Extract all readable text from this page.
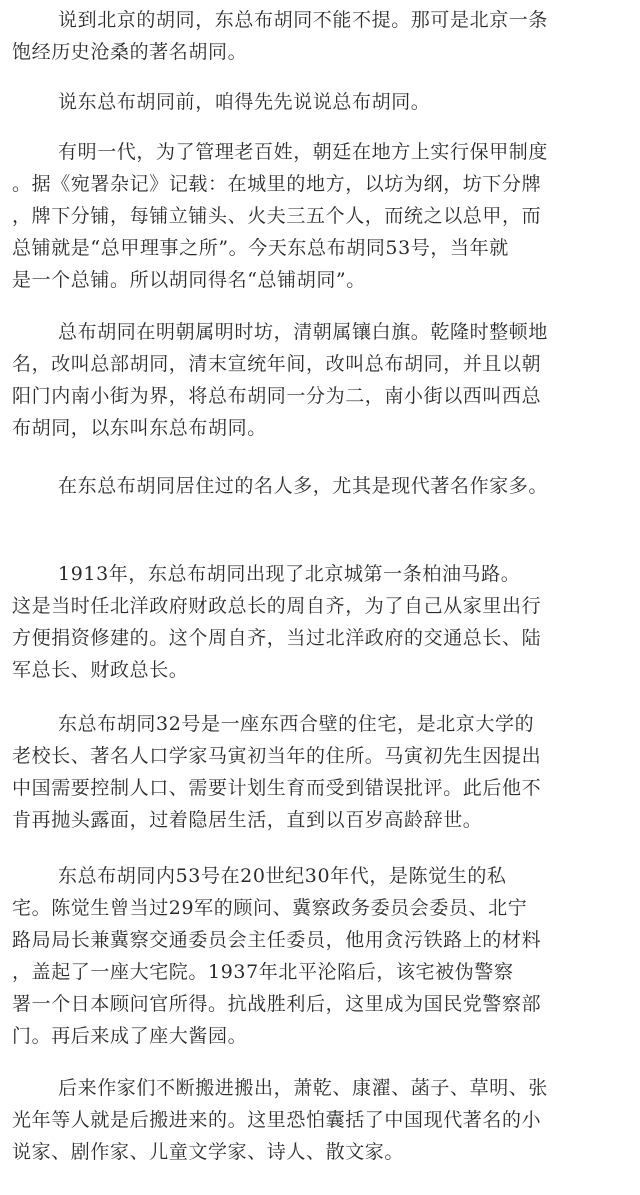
说到北京的胡同，东总布胡同不能不提。那可是北京一条
饱经历史沧桑的著名胡同。

说东总布胡同前，咱得先先说说总布胡同。

有明一代，为了管理老百姓，朝廷在地方上实行保甲制度
。据《宛署杂记》记载：在城里的地方，以坊为纲，坊下分牌
，牌下分铺，每铺立铺头、火夫三五个人，而统之以总甲，而
总铺就是“总甲理事之所”。今天东总布胡同53号，当年就
是一个总铺。所以胡同得名“总铺胡同”。

总布胡同在明朝属明时坊，清朝属镶白旗。乾隆时整顿地
名，改叫总部胡同，清末宣统年间，改叫总布胡同，并且以朝
阳门内南小街为界，将总布胡同一分为二，南小街以西叫西总
布胡同，以东叫东总布胡同。

在东总布胡同居住过的名人多，尤其是现代著名作家多。

1913年，东总布胡同出现了北京城第一条柏油马路。
这是当时任北洋政府财政总长的周自齐，为了自己从家里出行
方便捐资修建的。这个周自齐，当过北洋政府的交通总长、陆
军总长、财政总长。

东总布胡同32号是一座东西合壁的住宅，是北京大学的
老校长、著名人口学家马寅初当年的住所。马寅初先生因提出
中国需要控制人口、需要计划生育而受到错误批评。此后他不
肯再抛头露面，过着隐居生活，直到以百岁高龄辞世。

东总布胡同内53号在20世纪30年代，是陈觉生的私
宅。陈觉生曾当过29军的顾问、冀察政务委员会委员、北宁
路局局长兼冀察交通委员会主任委员，他用贪污铁路上的材料
，盖起了一座大宅院。1937年北平沦陷后，该宅被伪警察
署一个日本顾问官所得。抗战胜利后，这里成为国民党警察部
门。再后来成了座大酱园。

后来作家们不断搬进搬出，萧乾、康濯、菡子、草明、张
光年等人就是后搬进来的。这里恐怕囊括了中国现代著名的小
说家、剧作家、儿童文学家、诗人、散文家。
